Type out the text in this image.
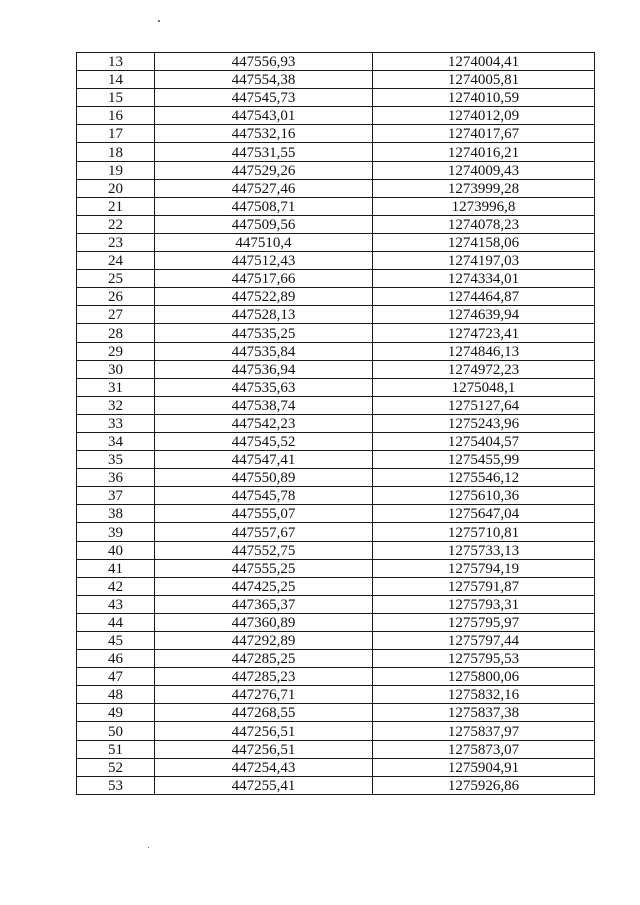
13	447556,93	1274004,41
14	447554,38	1274005,81
15	447545,73	1274010,59
16	447543,01	1274012,09
17	447532,16	1274017,67
18	447531,55	1274016,21
19	447529,26	1274009,43
20	447527,46	1273999,28
21	447508,71	1273996,8
22	447509,56	1274078,23
23	447510,4	1274158,06
24	447512,43	1274197,03
25	447517,66	1274334,01
26	447522,89	1274464,87
27	447528,13	1274639,94
28	447535,25	1274723,41
29	447535,84	1274846,13
30	447536,94	1274972,23
31	447535,63	1275048,1
32	447538,74	1275127,64
33	447542,23	1275243,96
34	447545,52	1275404,57
35	447547,41	1275455,99
36	447550,89	1275546,12
37	447545,78	1275610,36
38	447555,07	1275647,04
39	447557,67	1275710,81
40	447552,75	1275733,13
41	447555,25	1275794,19
42	447425,25	1275791,87
43	447365,37	1275793,31
44	447360,89	1275795,97
45	447292,89	1275797,44
46	447285,25	1275795,53
47	447285,23	1275800,06
48	447276,71	1275832,16
49	447268,55	1275837,38
50	447256,51	1275837,97
51	447256,51	1275873,07
52	447254,43	1275904,91
53	447255,41	1275926,86
